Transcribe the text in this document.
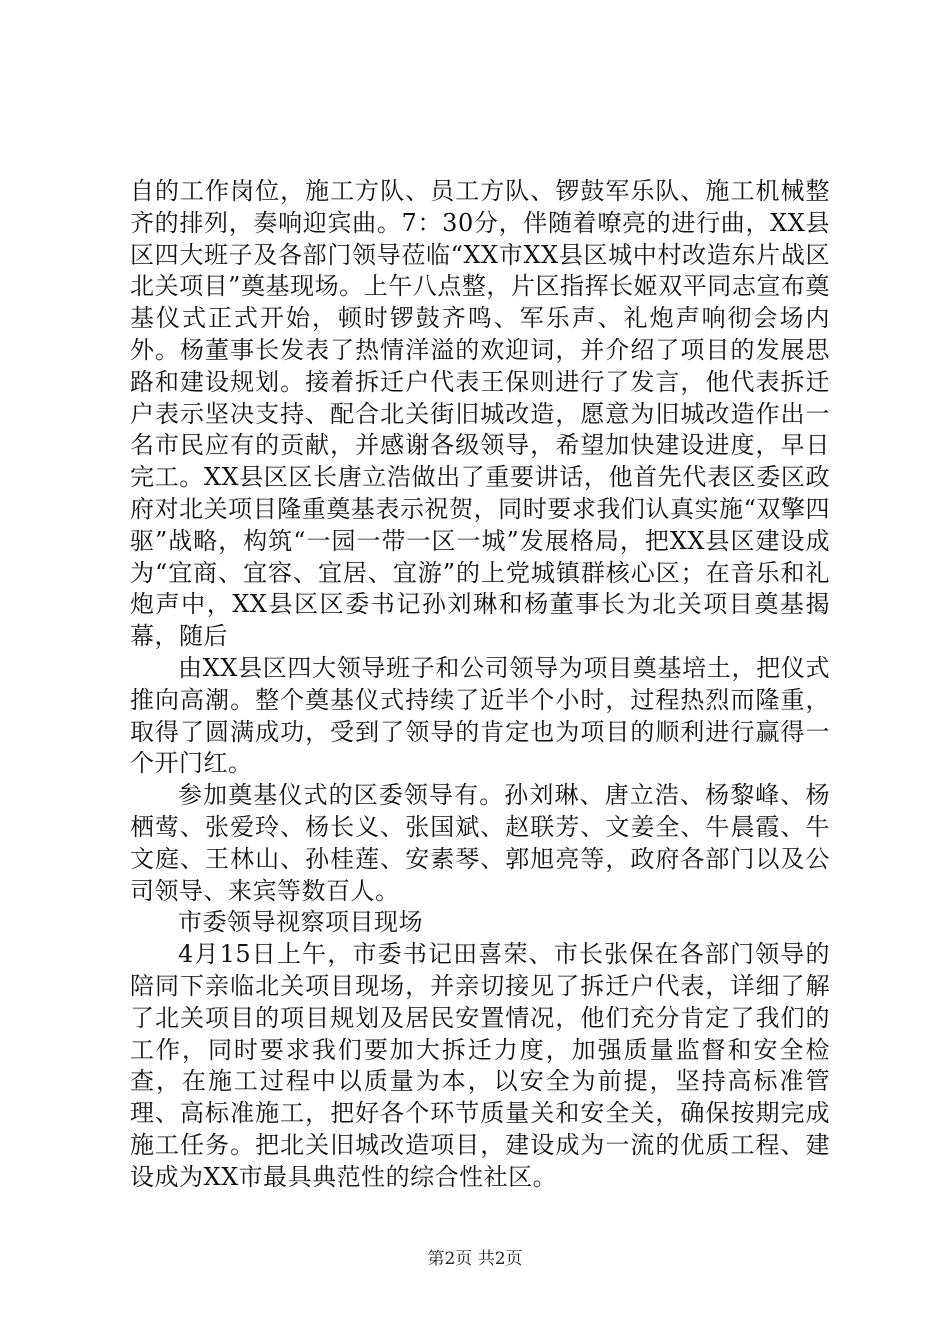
自的工作岗位，施工方队、员工方队、锣鼓军乐队、施工机械整齐的排列，奏响迎宾曲。7：30分，伴随着嘹亮的进行曲，XX县区四大班子及各部门领导莅临“XX市XX县区城中村改造东片战区北关项目”奠基现场。上午八点整，片区指挥长姬双平同志宣布奠基仪式正式开始，顿时锣鼓齐鸣、军乐声、礼炮声响彻会场内外。杨董事长发表了热情洋溢的欢迎词，并介绍了项目的发展思路和建设规划。接着拆迁户代表王保则进行了发言，他代表拆迁户表示坚决支持、配合北关街旧城改造，愿意为旧城改造作出一名市民应有的贡献，并感谢各级领导，希望加快建设进度，早日完工。XX县区区长唐立浩做出了重要讲话，他首先代表区委区政府对北关项目隆重奠基表示祝贺，同时要求我们认真实施“双擎四驱”战略，构筑“一园一带一区一城”发展格局，把XX县区建设成为“宜商、宜容、宜居、宜游”的上党城镇群核心区；在音乐和礼炮声中，XX县区区委书记孙刘琳和杨董事长为北关项目奠基揭幕，随后

由XX县区四大领导班子和公司领导为项目奠基培土，把仪式推向高潮。整个奠基仪式持续了近半个小时，过程热烈而隆重，取得了圆满成功，受到了领导的肯定也为项目的顺利进行赢得一个开门红。

参加奠基仪式的区委领导有。孙刘琳、唐立浩、杨黎峰、杨栖莺、张爱玲、杨长义、张国斌、赵联芳、文姜全、牛晨霞、牛文庭、王林山、孙桂莲、安素琴、郭旭亮等，政府各部门以及公司领导、来宾等数百人。

市委领导视察项目现场

4月15日上午，市委书记田喜荣、市长张保在各部门领导的陪同下亲临北关项目现场，并亲切接见了拆迁户代表，详细了解了北关项目的项目规划及居民安置情况，他们充分肯定了我们的工作，同时要求我们要加大拆迁力度，加强质量监督和安全检查，在施工过程中以质量为本，以安全为前提，坚持高标准管理、高标准施工，把好各个环节质量关和安全关，确保按期完成施工任务。把北关旧城改造项目，建设成为一流的优质工程、建设成为XX市最具典范性的综合性社区。

第2页 共2页
